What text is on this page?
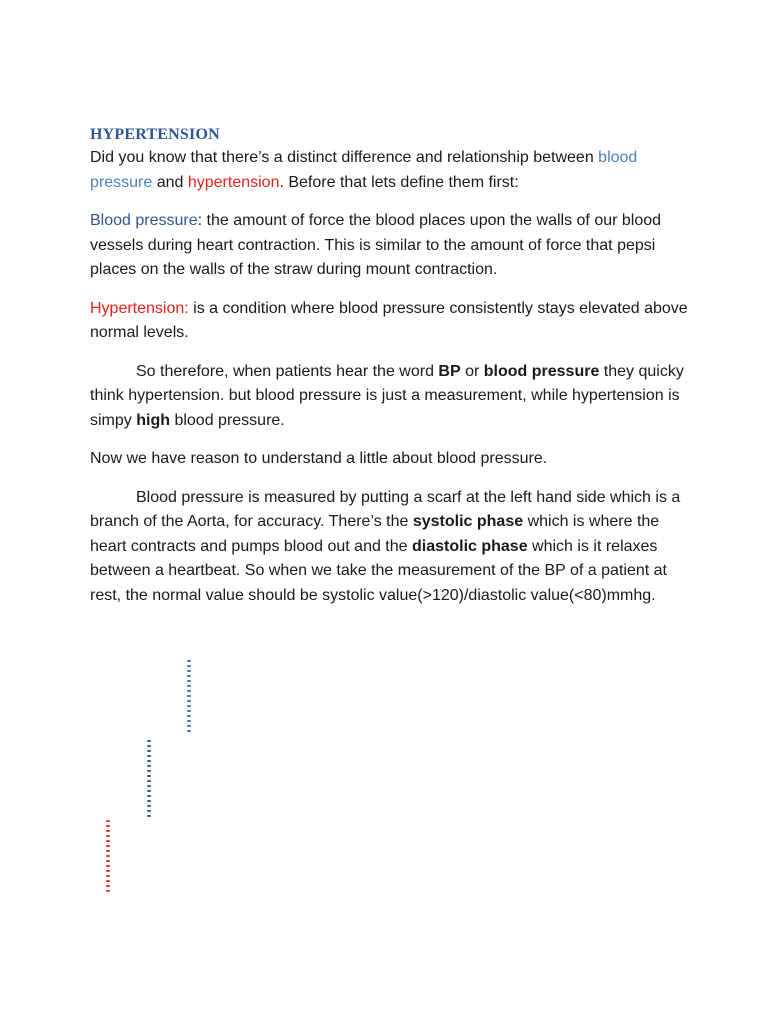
HYPERTENSION

Did you know that there’s a distinct difference and relationship between blood pressure and hypertension. Before that lets define them first:

Blood pressure: the amount of force the blood places upon the walls of our blood vessels during heart contraction. This is similar to the amount of force that pepsi places on the walls of the straw during mount contraction.

Hypertension: is a condition where blood pressure consistently stays elevated above normal levels.

So therefore, when patients hear the word BP or blood pressure they quicky think hypertension. but blood pressure is just a measurement, while hypertension is simpy high blood pressure.

Now we have reason to understand a little about blood pressure.

Blood pressure is measured by putting a scarf at the left hand side which is a branch of the Aorta, for accuracy. There’s the systolic phase which is where the heart contracts and pumps blood out and the diastolic phase which is it relaxes between a heartbeat. So when we take the measurement of the BP of a patient at rest, the normal value should be systolic value(>120)/diastolic value(<80)mmhg.
